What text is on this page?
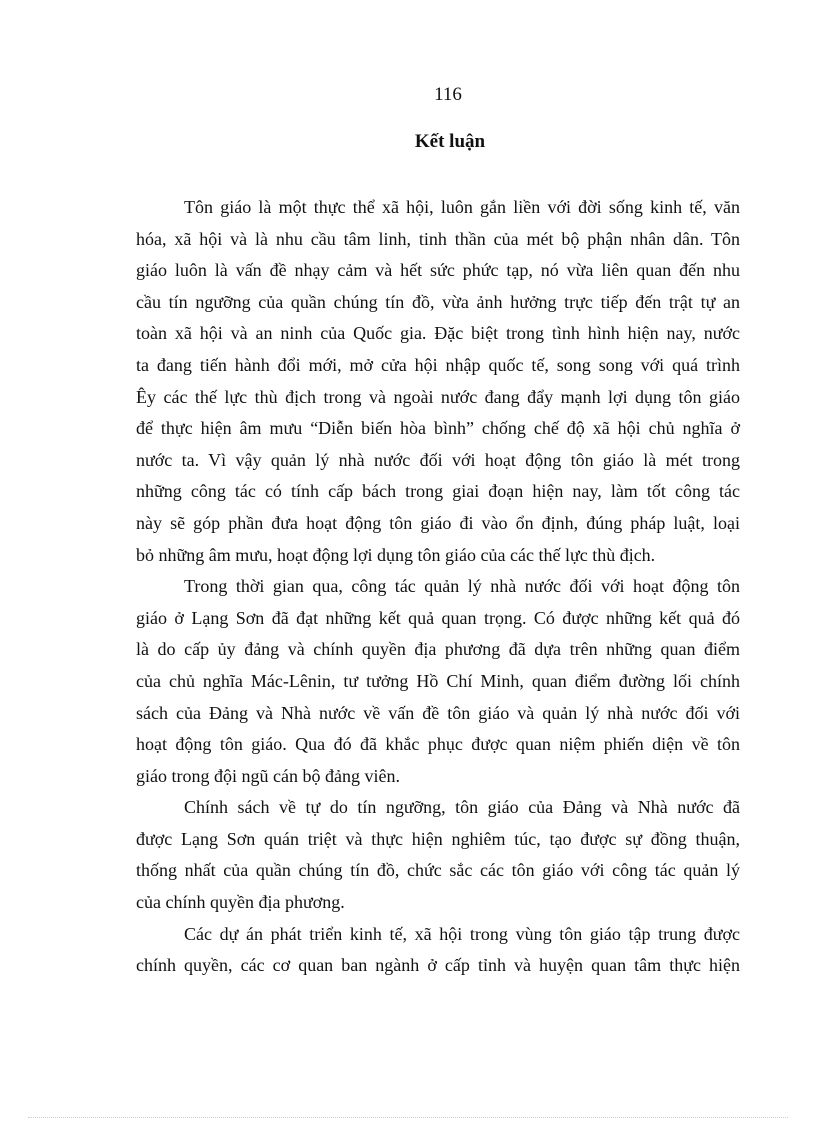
116
Kết luận

Tôn giáo là một thực thể xã hội, luôn gắn liền với đời sống kinh tế, văn
hóa, xã hội và là nhu cầu tâm linh, tinh thần của mét bộ phận nhân dân. Tôn
giáo luôn là vấn đề nhạy cảm và hết sức phức tạp, nó vừa liên quan đến nhu
cầu tín ngưỡng của quần chúng tín đồ, vừa ảnh hưởng trực tiếp đến trật tự an
toàn xã hội và an ninh của Quốc gia. Đặc biệt trong tình hình hiện nay, nước
ta đang tiến hành đổi mới, mở cửa hội nhập quốc tế, song song với quá trình
Êy các thế lực thù địch trong và ngoài nước đang đẩy mạnh lợi dụng tôn giáo
để thực hiện âm mưu “Diễn biến hòa bình” chống chế độ xã hội chủ nghĩa ở
nước ta. Vì vậy quản lý nhà nước đối với hoạt động tôn giáo là mét trong
những công tác có tính cấp bách trong giai đoạn hiện nay, làm tốt công tác
này sẽ góp phần đưa hoạt động tôn giáo đi vào ổn định, đúng pháp luật, loại
bỏ những âm mưu, hoạt động lợi dụng tôn giáo của các thế lực thù địch.

Trong thời gian qua, công tác quản lý nhà nước đối với hoạt động tôn
giáo ở Lạng Sơn đã đạt những kết quả quan trọng. Có được những kết quả đó
là do cấp ủy đảng và chính quyền địa phương đã dựa trên những quan điểm
của chủ nghĩa Mác-Lênin, tư tưởng Hồ Chí Minh, quan điểm đường lối chính
sách của Đảng và Nhà nước về vấn đề tôn giáo và quản lý nhà nước đối với
hoạt động tôn giáo. Qua đó đã khắc phục được quan niệm phiến diện về tôn
giáo trong đội ngũ cán bộ đảng viên.

Chính sách về tự do tín ngưỡng, tôn giáo của Đảng và Nhà nước đã
được Lạng Sơn quán triệt và thực hiện nghiêm túc, tạo được sự đồng thuận,
thống nhất của quần chúng tín đồ, chức sắc các tôn giáo với công tác quản lý
của chính quyền địa phương.

Các dự án phát triển kinh tế, xã hội trong vùng tôn giáo tập trung được
chính quyền, các cơ quan ban ngành ở cấp tỉnh và huyện quan tâm thực hiện
